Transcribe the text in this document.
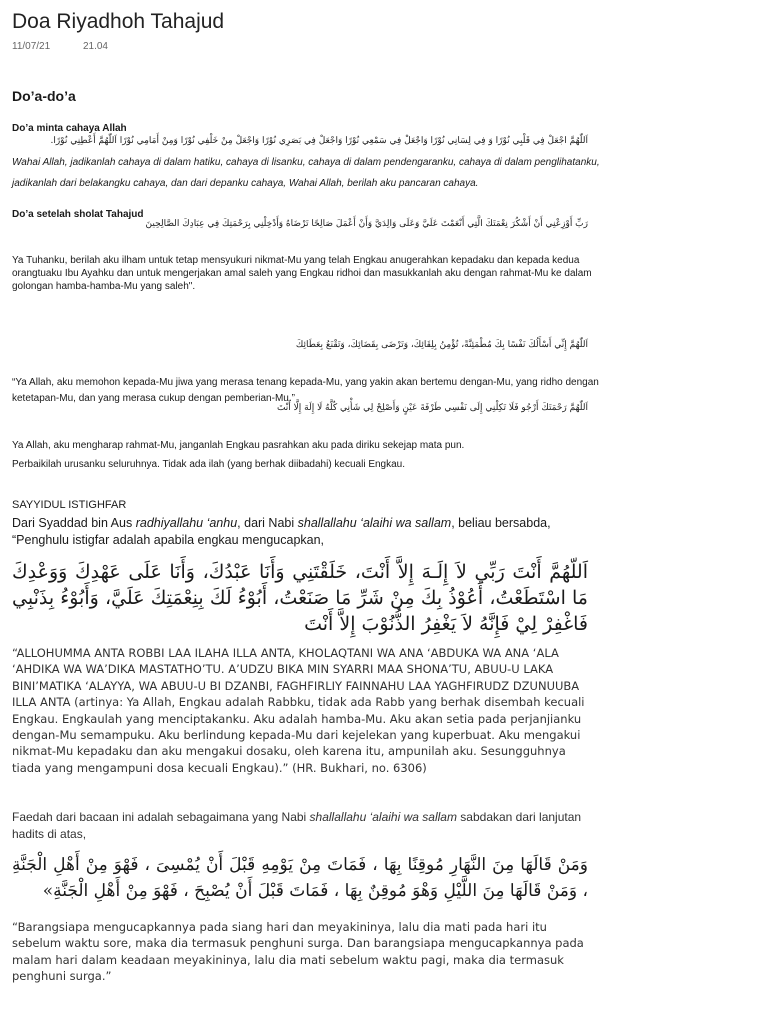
Doa Riyadhoh Tahajud
11/07/21	21.04
Do’a-do’a
Do’a minta cahaya Allah
اَللّٰهُمَّ اجْعَلْ فِي قَلْبِي نُوْرًا وَ فِي لِسَانِي نُوْرًا وَاجْعَلْ فِي سَمْعِي نُوْرًا وَاجْعَلْ فِي بَصَرِي نُوْرًا وَاجْعَلْ مِنْ خَلْفِي نُوْرًا وَمِنْ أَمَامِي نُوْرًا اَللّٰهُمَّ أَعْطِنِي نُوْرًا.
Wahai Allah, jadikanlah cahaya di dalam hatiku, cahaya di lisanku, cahaya di dalam pendengaranku, cahaya di dalam penglihatanku, jadikanlah dari belakangku cahaya, dan dari depanku cahaya, Wahai Allah, berilah aku pancaran cahaya.
Do’a setelah sholat Tahajud
رَبِّ أَوْزِعْنِي أَنْ أَشْكُرَ نِعْمَتَكَ الَّتِي أَنْعَمْتَ عَلَيَّ وَعَلَى وَالِدَيَّ وَأَنْ أَعْمَلَ صَالِحًا تَرْضَاهُ وَأَدْخِلْنِي بِرَحْمَتِكَ فِي عِبَادِكَ الصَّالِحِينَ
Ya Tuhanku, berilah aku ilham untuk tetap mensyukuri nikmat-Mu yang telah Engkau anugerahkan kepadaku dan kepada kedua orangtuaku Ibu Ayahku dan untuk mengerjakan amal saleh yang Engkau ridhoi dan masukkanlah aku dengan rahmat-Mu ke dalam golongan hamba-hamba-Mu yang saleh".
اَللّٰهُمَّ إِنِّي أَسْأَلُكَ نَفْسًا بِكَ مُطْمَئِنَّةً، تُؤْمِنُ بِلِقَائِكَ، وَتَرْضَى بِقَضَائِكَ، وَتَقْنَعُ بِعَطَائِكَ
“Ya Allah, aku memohon kepada-Mu jiwa yang merasa tenang kepada-Mu, yang yakin akan bertemu dengan-Mu, yang ridho dengan ketetapan-Mu, dan yang merasa cukup dengan pemberian-Mu.”
اَللّٰهُمَّ رَحْمَتَكَ أَرْجُو فَلَا تَكِلْنِي إِلَى نَفْسِي طَرْفَةَ عَيْنٍ وَأَصْلِحْ لِي شَأْنِي كُلَّهُ لَا إِلَهَ إِلَّا أَنْتَ
Ya Allah, aku mengharap rahmat-Mu, janganlah Engkau pasrahkan aku pada diriku sekejap mata pun.
Perbaikilah urusanku seluruhnya. Tidak ada ilah (yang berhak diibadahi) kecuali Engkau.
SAYYIDUL ISTIGHFAR
Dari Syaddad bin Aus radhiyallahu ‘anhu, dari Nabi shallallahu ‘alaihi wa sallam, beliau bersabda, “Penghulu istigfar adalah apabila engkau mengucapkan,
اَللّهُمَّ أَنْتَ رَبِّي لاَ إِلَـهَ إِلاَّ أَنْتَ، خَلَقْتَنِي وَأَنَا عَبْدُكَ، وَأَنَا عَلَى عَهْدِكَ وَوَعْدِكَ مَا اسْتَطَعْتُ، أَعُوْذُ بِكَ مِنْ شَرِّ مَا صَنَعْتُ، أَبُوْءُ لَكَ بِنِعْمَتِكَ عَلَيَّ، وَأَبُوْءُ بِذَنْبِي فَاغْفِرْ لِيْ فَإِنَّهُ لاَ يَغْفِرُ الذُّنُوْبَ إِلاَّ أَنْتَ
“ALLOHUMMA ANTA ROBBI LAA ILAHA ILLA ANTA, KHOLAQTANI WA ANA ‘ABDUKA WA ANA ‘ALA ‘AHDIKA WA WA’DIKA MASTATHO’TU. A’UDZU BIKA MIN SYARRI MAA SHONA’TU, ABUU-U LAKA BINI’MATIKA ‘ALAYYA, WA ABUU-U BI DZANBI, FAGHFIRLIY FAINNAHU LAA YAGHFIRUDZ DZUNUUBA ILLA ANTA (artinya: Ya Allah, Engkau adalah Rabbku, tidak ada Rabb yang berhak disembah kecuali Engkau. Engkaulah yang menciptakanku. Aku adalah hamba-Mu. Aku akan setia pada perjanjianku dengan-Mu semampuku. Aku berlindung kepada-Mu dari kejelekan yang kuperbuat. Aku mengakui nikmat-Mu kepadaku dan aku mengakui dosaku, oleh karena itu, ampunilah aku. Sesungguhnya tiada yang mengampuni dosa kecuali Engkau).” (HR. Bukhari, no. 6306)
Faedah dari bacaan ini adalah sebagaimana yang Nabi shallallahu ‘alaihi wa sallam sabdakan dari lanjutan hadits di atas,
وَمَنْ قَالَهَا مِنَ النَّهَارِ مُوقِنًا بِهَا ، فَمَاتَ مِنْ يَوْمِهِ قَبْلَ أَنْ يُمْسِىَ ، فَهْوَ مِنْ أَهْلِ الْجَنَّةِ ، وَمَنْ قَالَهَا مِنَ اللَّيْلِ وَهْوَ مُوقِنٌ بِهَا ، فَمَاتَ قَبْلَ أَنْ يُصْبِحَ ، فَهْوَ مِنْ أَهْلِ الْجَنَّةِ»
“Barangsiapa mengucapkannya pada siang hari dan meyakininya, lalu dia mati pada hari itu sebelum waktu sore, maka dia termasuk penghuni surga. Dan barangsiapa mengucapkannya pada malam hari dalam keadaan meyakininya, lalu dia mati sebelum waktu pagi, maka dia termasuk penghuni surga.”
